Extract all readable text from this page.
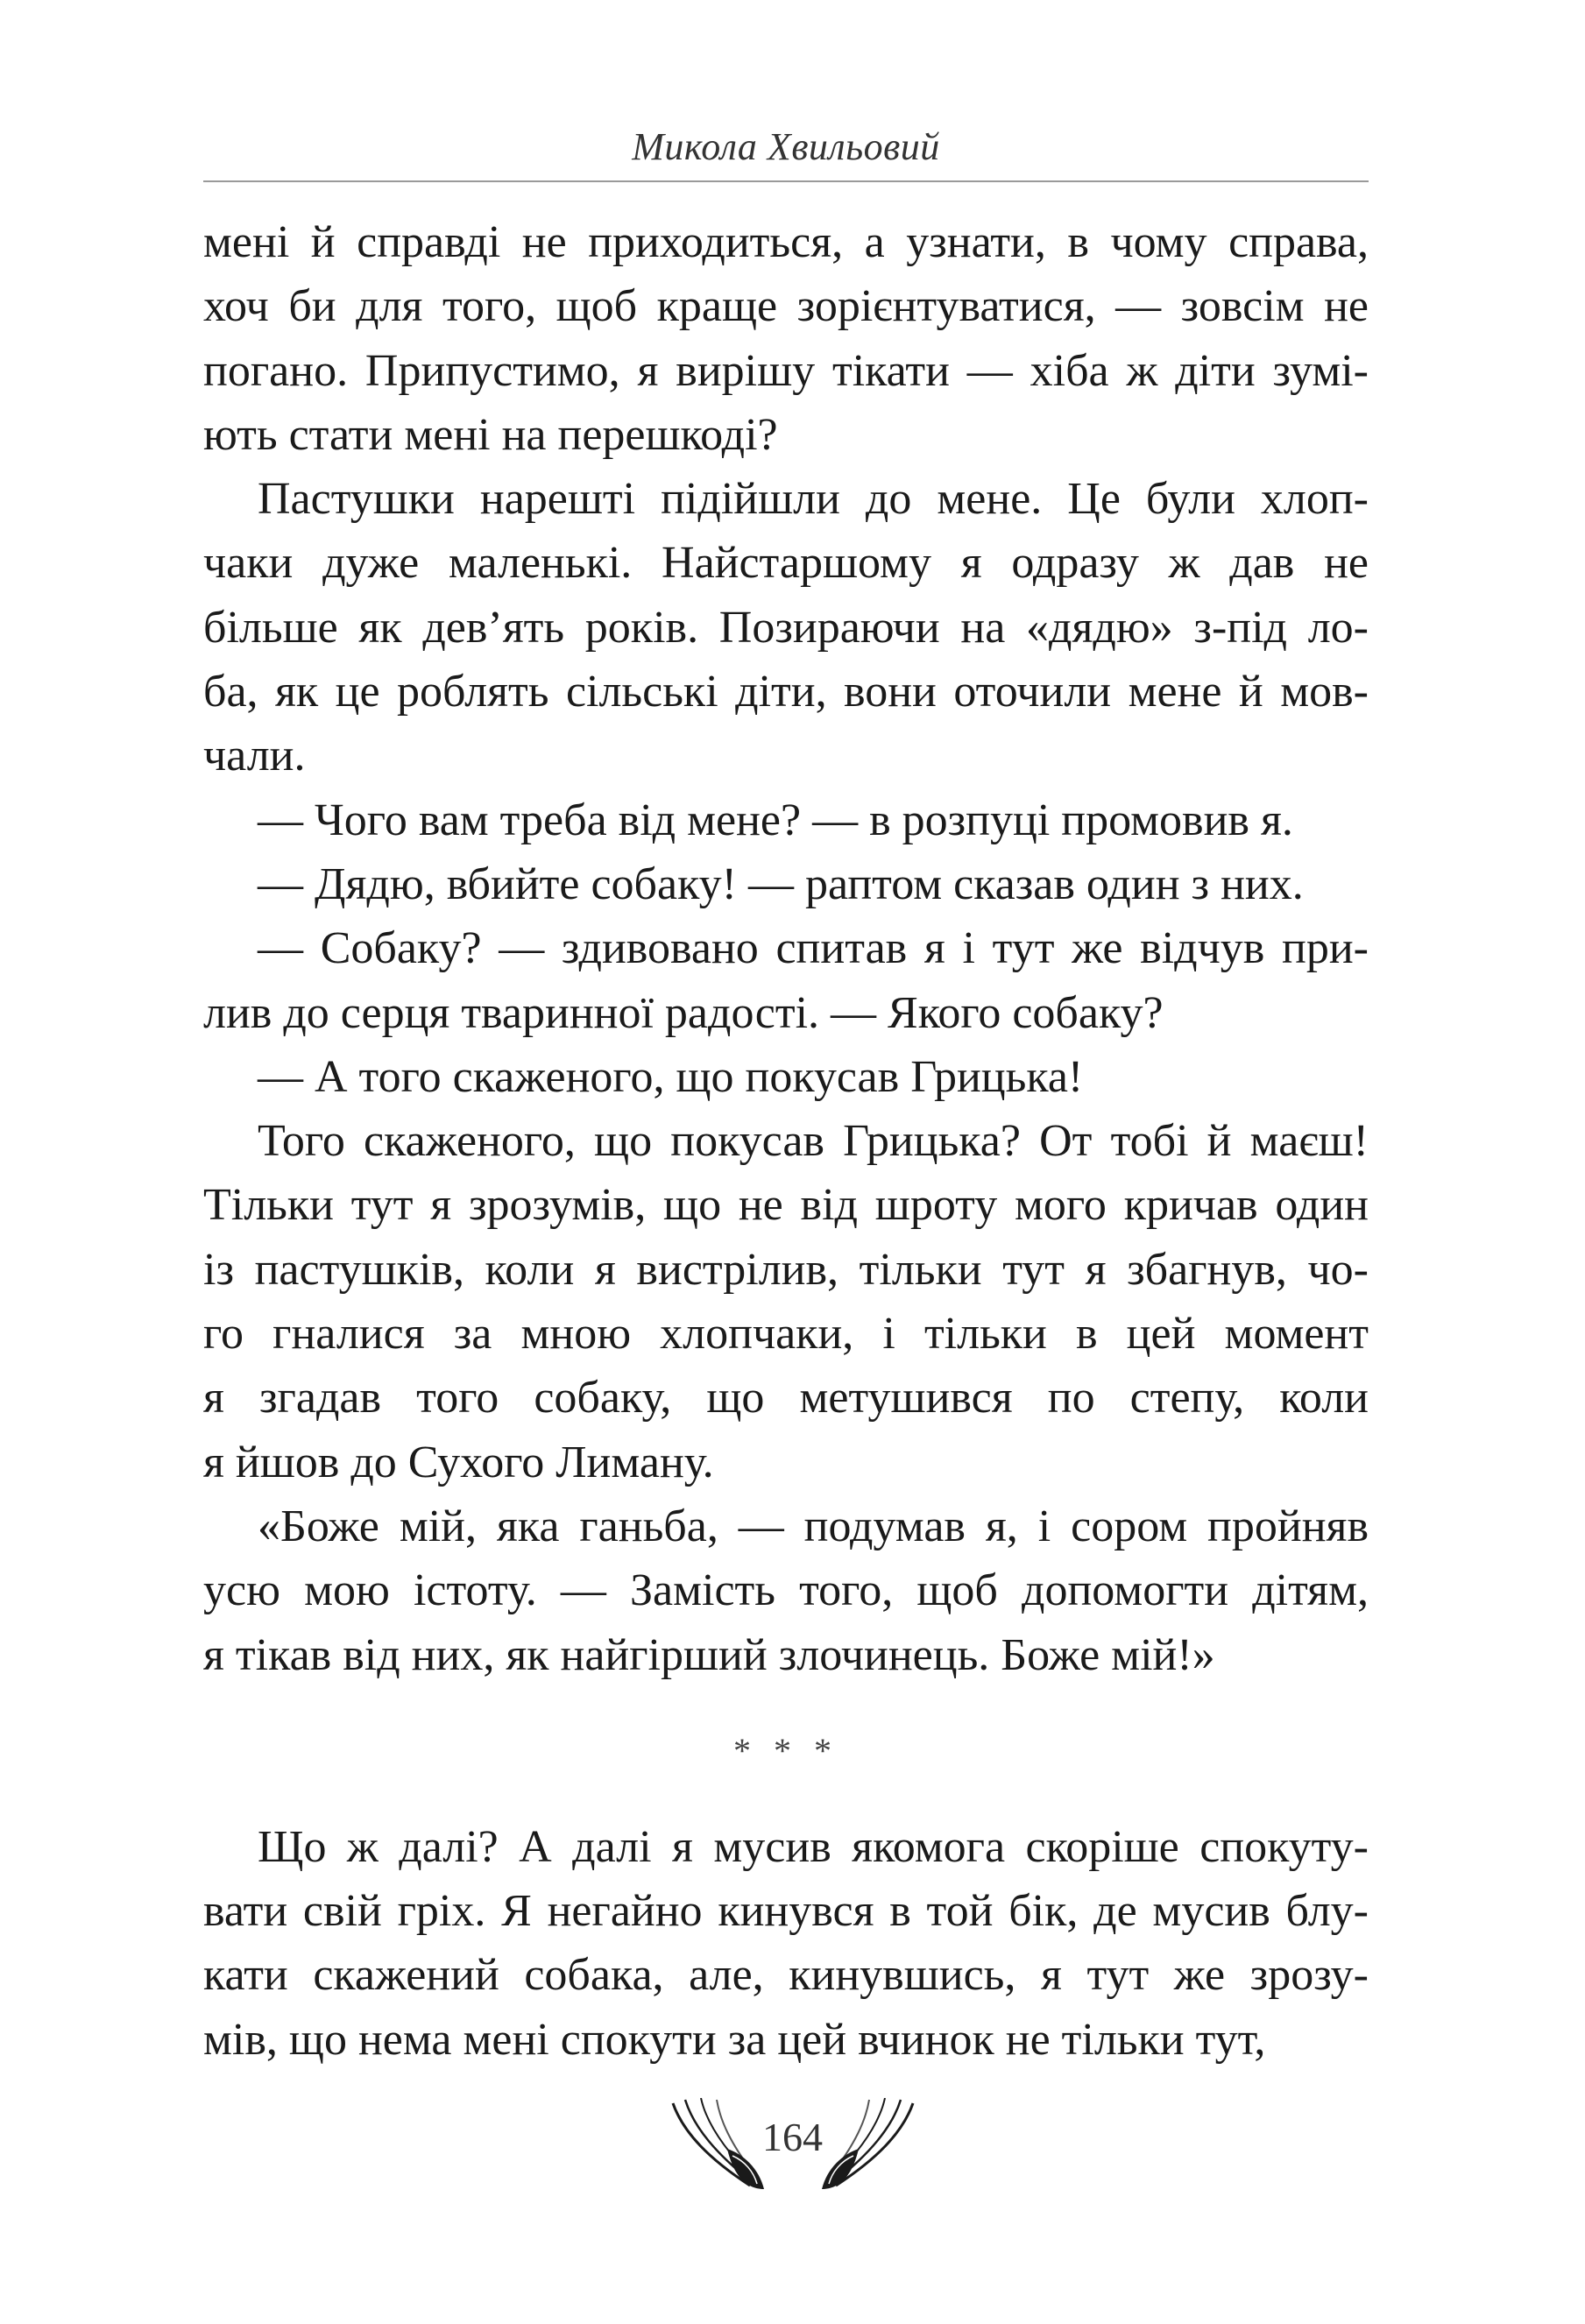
Микола Хвильовий

мені й справді не приходиться, а узнати, в чому справа,
хоч би для того, щоб краще зорієнтуватися, — зовсім не
погано. Припустимо, я вирішу тікати — хіба ж діти зумі-
ють стати мені на перешкоді?

Пастушки нарешті підійшли до мене. Це були хлоп-
чаки дуже маленькі. Найстаршому я одразу ж дав не
більше як дев’ять років. Позираючи на «дядю» з-під ло-
ба, як це роблять сільські діти, вони оточили мене й мов-
чали.

— Чого вам треба від мене? — в розпуці промовив я.

— Дядю, вбийте собаку! — раптом сказав один з них.

— Собаку? — здивовано спитав я і тут же відчув при-
лив до серця тваринної радості. — Якого собаку?

— А того скаженого, що покусав Грицька!

Того скаженого, що покусав Грицька? От тобі й маєш!
Тільки тут я зрозумів, що не від шроту мого кричав один
із пастушків, коли я вистрілив, тільки тут я збагнув, чо-
го гналися за мною хлопчаки, і тільки в цей момент
я згадав того собаку, що метушився по степу, коли
я йшов до Сухого Лиману.

«Боже мій, яка ганьба, — подумав я, і сором пройняв
усю мою істоту. — Замість того, щоб допомогти дітям,
я тікав від них, як найгірший злочинець. Боже мій!»

* * *

Що ж далі? А далі я мусив якомога скоріше спокуту-
вати свій гріх. Я негайно кинувся в той бік, де мусив блу-
кати скажений собака, але, кинувшись, я тут же зрозу-
мів, що нема мені спокути за цей вчинок не тільки тут,

164
